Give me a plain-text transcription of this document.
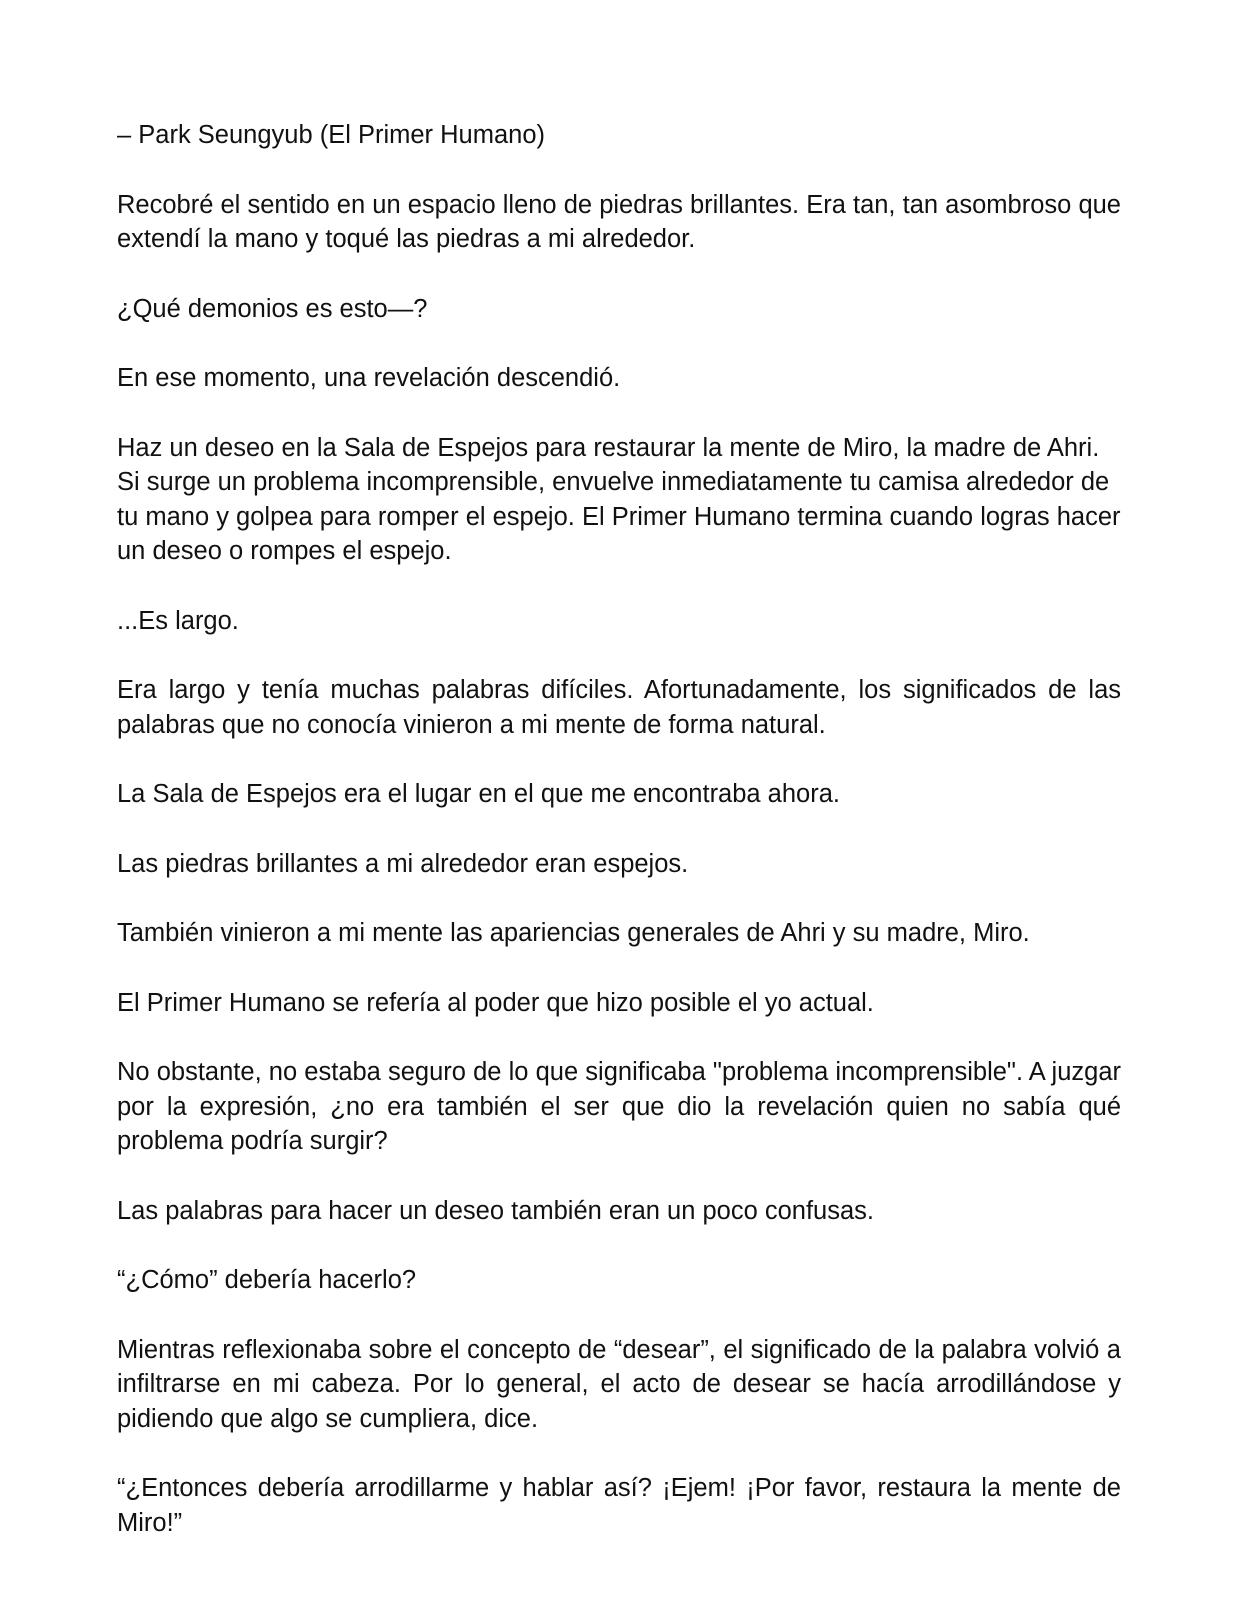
– Park Seungyub (El Primer Humano)

Recobré el sentido en un espacio lleno de piedras brillantes. Era tan, tan asombroso que extendí la mano y toqué las piedras a mi alrededor.

¿Qué demonios es esto—?

En ese momento, una revelación descendió.

Haz un deseo en la Sala de Espejos para restaurar la mente de Miro, la madre de Ahri. Si surge un problema incomprensible, envuelve inmediatamente tu camisa alrededor de tu mano y golpea para romper el espejo. El Primer Humano termina cuando logras hacer un deseo o rompes el espejo.

...Es largo.

Era largo y tenía muchas palabras difíciles. Afortunadamente, los significados de las palabras que no conocía vinieron a mi mente de forma natural.

La Sala de Espejos era el lugar en el que me encontraba ahora.

Las piedras brillantes a mi alrededor eran espejos.

También vinieron a mi mente las apariencias generales de Ahri y su madre, Miro.

El Primer Humano se refería al poder que hizo posible el yo actual.

No obstante, no estaba seguro de lo que significaba "problema incomprensible". A juzgar por la expresión, ¿no era también el ser que dio la revelación quien no sabía qué problema podría surgir?

Las palabras para hacer un deseo también eran un poco confusas.

“¿Cómo” debería hacerlo?

Mientras reflexionaba sobre el concepto de “desear”, el significado de la palabra volvió a infiltrarse en mi cabeza. Por lo general, el acto de desear se hacía arrodillándose y pidiendo que algo se cumpliera, dice.

“¿Entonces debería arrodillarme y hablar así? ¡Ejem! ¡Por favor, restaura la mente de Miro!”
